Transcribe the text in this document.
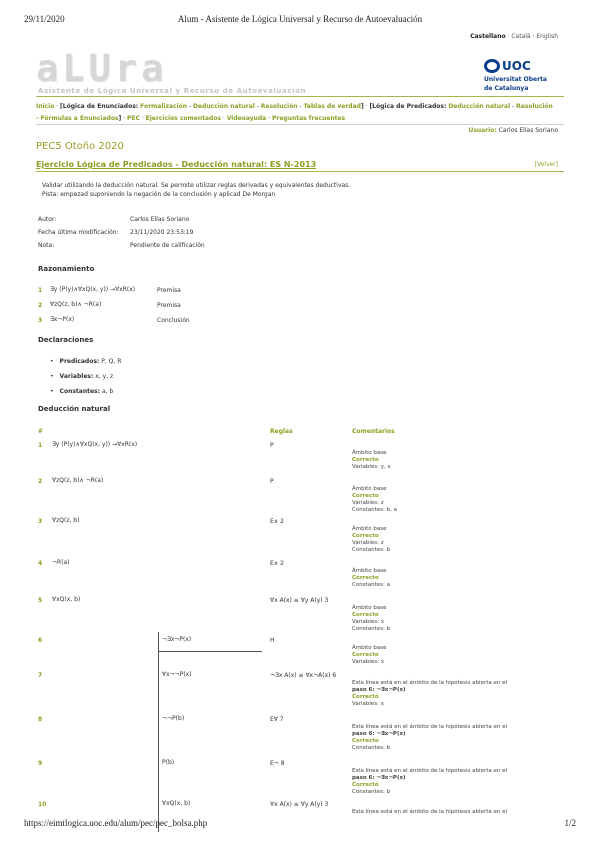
29/11/2020	Alum - Asistente de Lógica Universal y Recurso de Autoevaluación
Castellano · Català · English
aLUra
Asistente de Lógica Universal y Recurso de Autoevaluación
UOC
Universitat Oberta
de Catalunya
Inicio · [Lógica de Enunciados: Formalización - Deducción natural - Resolución - Tablas de verdad] · [Lógica de Predicados: Deducción natural - Resolución
- Fórmulas a Enunciados] · PEC · Ejercicios comentados · Videoayuda · Preguntas frecuentes
Usuario: Carlos Elías Soriano
PEC5 Otoño 2020
Ejercicio Lógica de Predicados - Deducción natural: ES N-2013	[Volver]
Validar utilizando la deducción natural. Se permite utilizar reglas derivadas y equivalentes deductivas.
Pista: empezad suponiendo la negación de la conclusión y aplicad De Morgan
Autor:	Carlos Elías Soriano
Fecha última modificación: 23/11/2020 23:53:19
Nota:	Pendiente de calificación
Razonamiento
1 ∃y (P(y)∧∀xQ(x, y)) →∀xR(x)	Premisa
2 ∀zQ(z, b)∧ ¬R(a)	Premisa
3 ∃x¬P(x)	Conclusión
Declaraciones
• Predicados: P, Q, R
• Variables: x, y, z
• Constantes: a, b
Deducción natural
#	Reglas	Comentarios
1 ∃y (P(y)∧∀xQ(x, y)) →∀xR(x)	P
Ámbito base
Correcto
Variables: y, x
2 ∀zQ(z, b)∧ ¬R(a)	P
Ámbito base
Correcto
Variables: z
Constantes: b, a
3 ∀zQ(z, b)	E∧ 2
Ámbito base
Correcto
Variables: z
Constantes: b
4 ¬R(a)	E∧ 2
Ámbito base
Correcto
Constantes: a
5 ∀xQ(x, b)	∀x A(x) ≡ ∀y A(y) 3
Ámbito base
Correcto
Variables: x
Constantes: b
6	¬∃x¬P(x)	H
Ámbito base
Correcto
Variables: x
7	∀x¬¬P(x)	¬∃x A(x) ≡ ∀x¬A(x) 6
Esta línea está en el ámbito de la hipótesis abierta en el
paso 6: ¬∃x¬P(x)
Correcto
Variables: x
8	¬¬P(b)	E∀ 7
Esta línea está en el ámbito de la hipótesis abierta en el
paso 6: ¬∃x¬P(x)
Correcto
Constantes: b
9	P(b)	E¬ 8
Esta línea está en el ámbito de la hipótesis abierta en el
paso 6: ¬∃x¬P(x)
Correcto
Constantes: b
10	∀xQ(x, b)	∀x A(x) ≡ ∀y A(y) 3
Esta línea está en el ámbito de la hipótesis abierta en el
https://eimtlogica.uoc.edu/alum/pec/pec_bolsa.php	1/2
